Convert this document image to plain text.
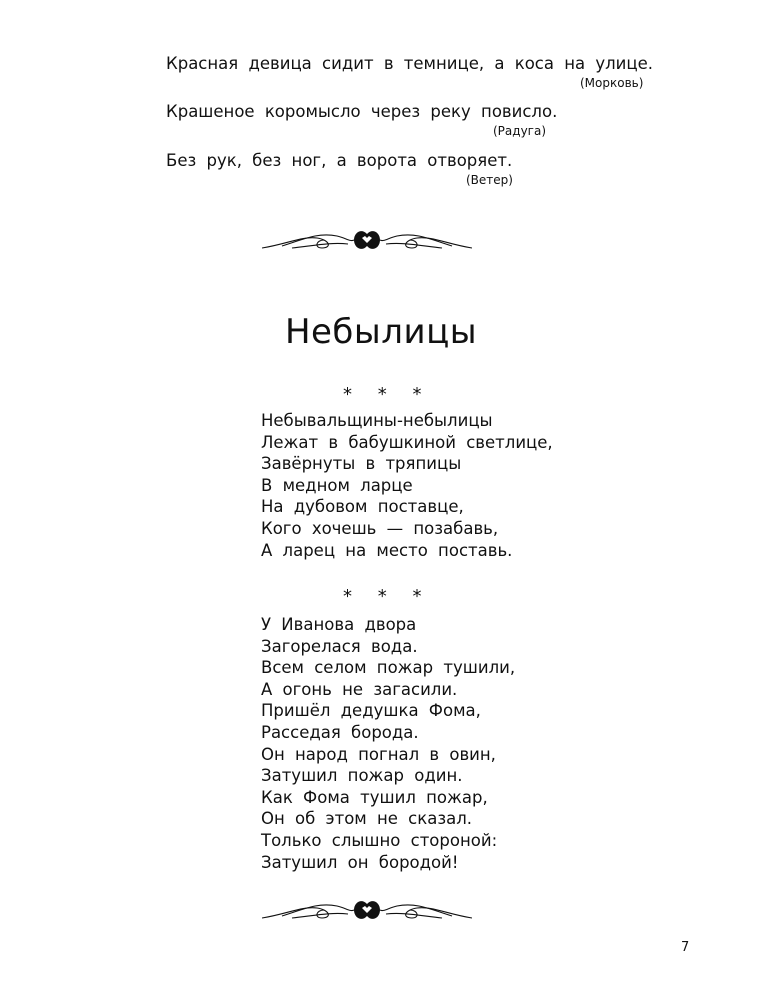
Красная девица сидит в темнице, а коса на улице.
(Морковь)
Крашеное коромысло через реку повисло.
(Радуга)
Без рук, без ног, а ворота отворяет.
(Ветер)
Небылицы
* * *
Небывальщины-небылицы
Лежат в бабушкиной светлице,
Завёрнуты в тряпицы
В медном ларце
На дубовом поставце,
Кого хочешь — позабавь,
А ларец на место поставь.
* * *
У Иванова двора
Загорелася вода.
Всем селом пожар тушили,
А огонь не загасили.
Пришёл дедушка Фома,
Расседая борода.
Он народ погнал в овин,
Затушил пожар один.
Как Фома тушил пожар,
Он об этом не сказал.
Только слышно стороной:
Затушил он бородой!
7
